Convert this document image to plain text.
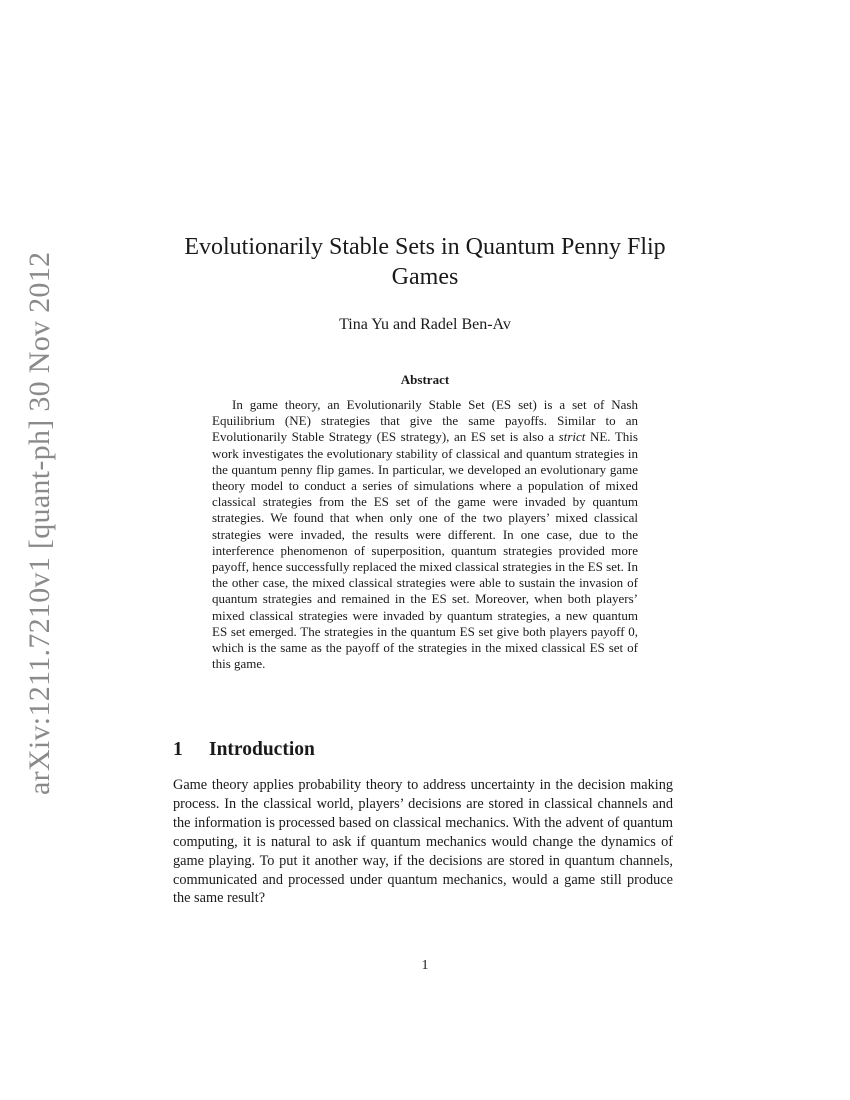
arXiv:1211.7210v1 [quant-ph] 30 Nov 2012
Evolutionarily Stable Sets in Quantum Penny Flip Games
Tina Yu and Radel Ben-Av
Abstract

In game theory, an Evolutionarily Stable Set (ES set) is a set of Nash Equilibrium (NE) strategies that give the same payoffs. Similar to an Evolutionarily Stable Strategy (ES strategy), an ES set is also a strict NE. This work investigates the evolutionary stability of classical and quantum strategies in the quantum penny flip games. In particular, we developed an evolutionary game theory model to conduct a series of simulations where a population of mixed classical strategies from the ES set of the game were invaded by quantum strategies. We found that when only one of the two players’ mixed classical strategies were invaded, the results were different. In one case, due to the interference phenomenon of superposition, quantum strategies provided more payoff, hence successfully replaced the mixed classical strategies in the ES set. In the other case, the mixed classical strategies were able to sustain the invasion of quantum strategies and remained in the ES set. Moreover, when both players’ mixed classical strategies were invaded by quantum strategies, a new quantum ES set emerged. The strategies in the quantum ES set give both players payoff 0, which is the same as the payoff of the strategies in the mixed classical ES set of this game.

1 Introduction

Game theory applies probability theory to address uncertainty in the decision making process. In the classical world, players’ decisions are stored in classical channels and the information is processed based on classical mechanics. With the advent of quantum computing, it is natural to ask if quantum mechanics would change the dynamics of game playing. To put it another way, if the decisions are stored in quantum channels, communicated and processed under quantum mechanics, would a game still produce the same result?

1
